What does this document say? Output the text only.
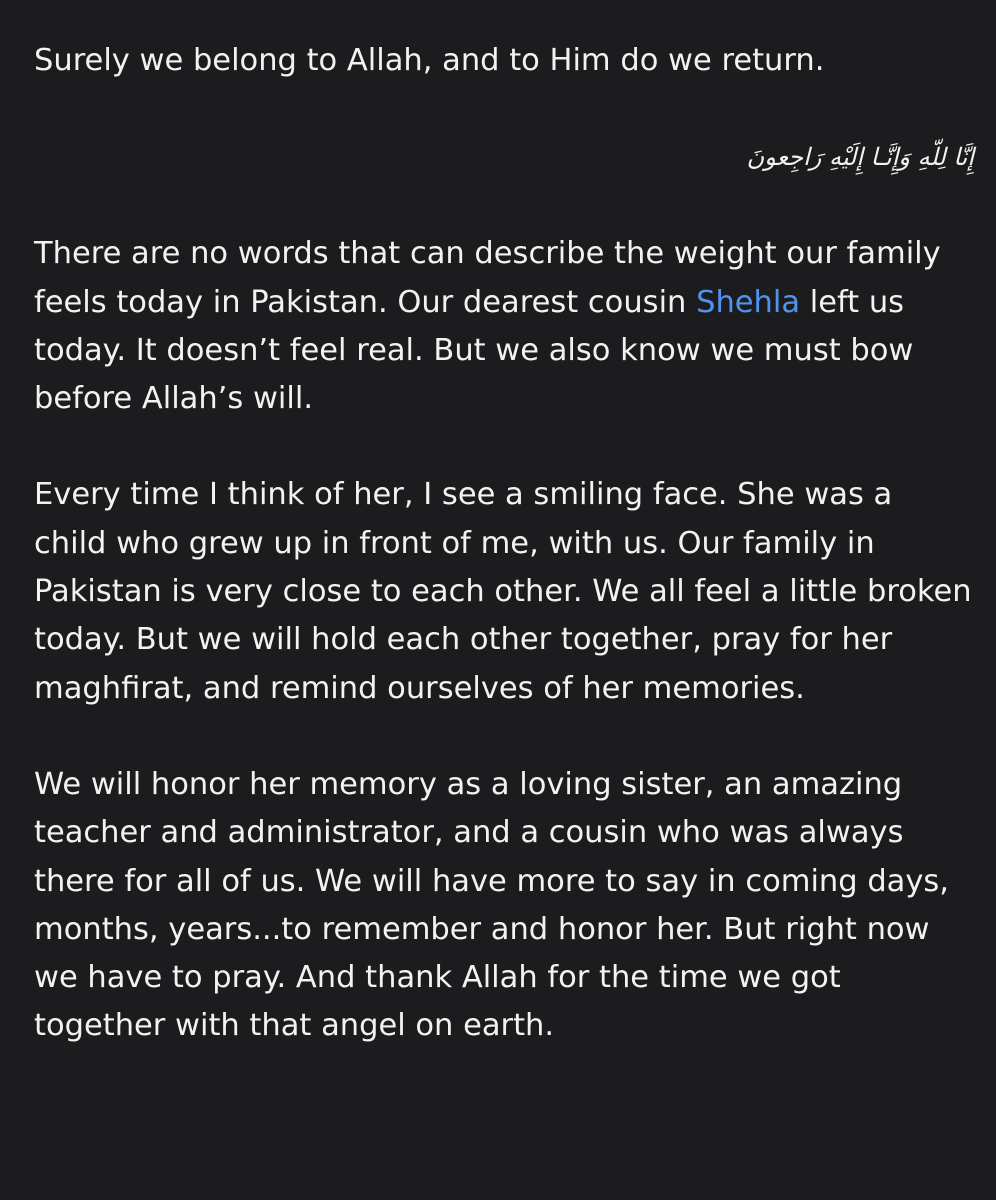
Surely we belong to Allah, and to Him do we return.

إِنَّا لِلّهِ وَإِنَّـا إِلَيْهِ رَاجِعونَ

There are no words that can describe the weight our family feels today in Pakistan. Our dearest cousin Shehla left us today. It doesn’t feel real. But we also know we must bow before Allah’s will.

Every time I think of her, I see a smiling face. She was a child who grew up in front of me, with us. Our family in Pakistan is very close to each other. We all feel a little broken today. But we will hold each other together, pray for her maghfirat, and remind ourselves of her memories.

We will honor her memory as a loving sister, an amazing teacher and administrator, and a cousin who was always there for all of us. We will have more to say in coming days, months, years...to remember and honor her. But right now we have to pray. And thank Allah for the time we got together with that angel on earth.
